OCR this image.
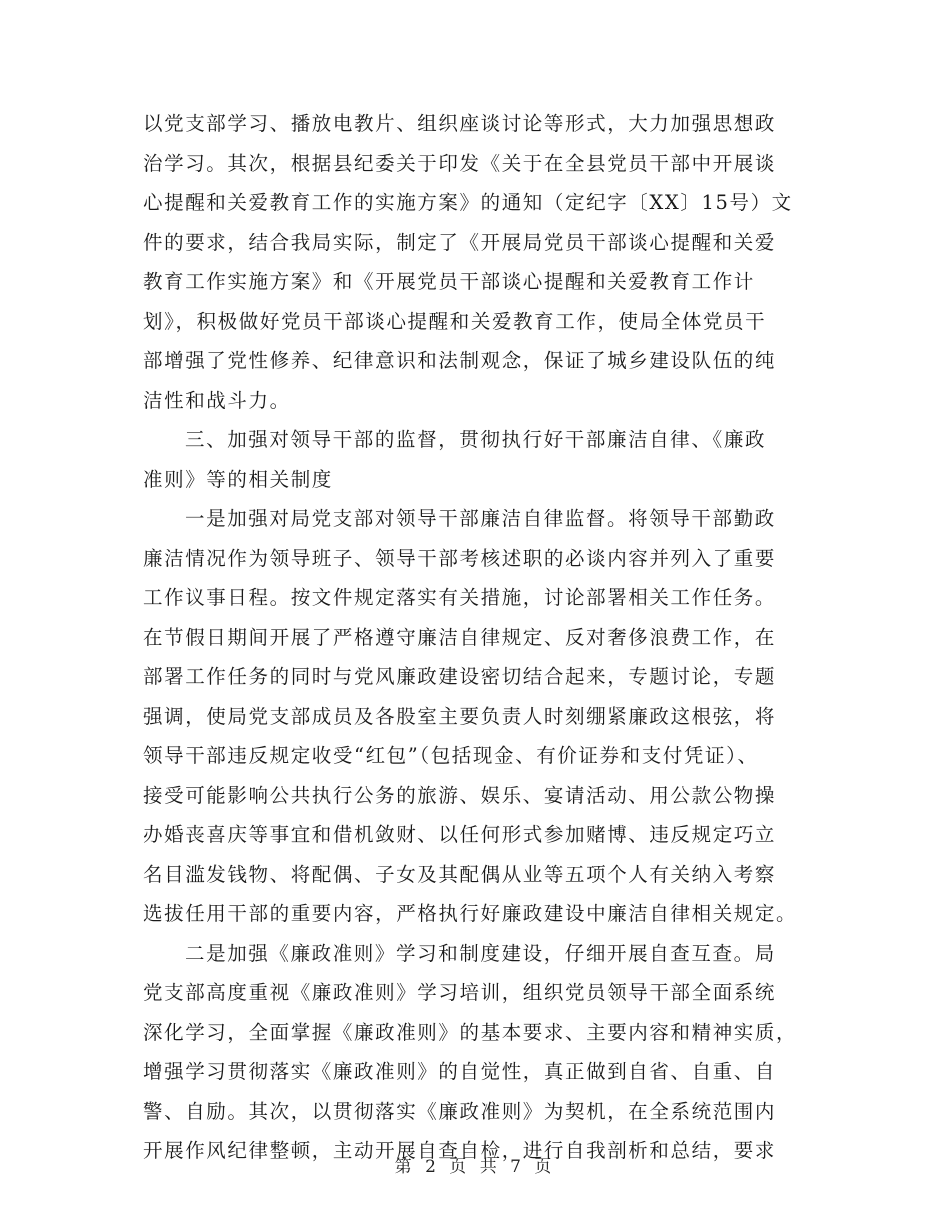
以党支部学习、播放电教片、组织座谈讨论等形式，大力加强思想政
治学习。其次，根据县纪委关于印发《关于在全县党员干部中开展谈
心提醒和关爱教育工作的实施方案》的通知（定纪字〔XX〕15号）文
件的要求，结合我局实际，制定了《开展局党员干部谈心提醒和关爱
教育工作实施方案》和《开展党员干部谈心提醒和关爱教育工作计
划》，积极做好党员干部谈心提醒和关爱教育工作，使局全体党员干
部增强了党性修养、纪律意识和法制观念，保证了城乡建设队伍的纯
洁性和战斗力。
三、加强对领导干部的监督，贯彻执行好干部廉洁自律、《廉政
准则》等的相关制度
一是加强对局党支部对领导干部廉洁自律监督。将领导干部勤政
廉洁情况作为领导班子、领导干部考核述职的必谈内容并列入了重要
工作议事日程。按文件规定落实有关措施，讨论部署相关工作任务。
在节假日期间开展了严格遵守廉洁自律规定、反对奢侈浪费工作，在
部署工作任务的同时与党风廉政建设密切结合起来，专题讨论，专题
强调，使局党支部成员及各股室主要负责人时刻绷紧廉政这根弦，将
领导干部违反规定收受“红包”（包括现金、有价证券和支付凭证）、
接受可能影响公共执行公务的旅游、娱乐、宴请活动、用公款公物操
办婚丧喜庆等事宜和借机敛财、以任何形式参加赌博、违反规定巧立
名目滥发钱物、将配偶、子女及其配偶从业等五项个人有关纳入考察
选拔任用干部的重要内容，严格执行好廉政建设中廉洁自律相关规定。
二是加强《廉政准则》学习和制度建设，仔细开展自查互查。局
党支部高度重视《廉政准则》学习培训，组织党员领导干部全面系统
深化学习，全面掌握《廉政准则》的基本要求、主要内容和精神实质，
增强学习贯彻落实《廉政准则》的自觉性，真正做到自省、自重、自
警、自励。其次，以贯彻落实《廉政准则》为契机，在全系统范围内
开展作风纪律整顿，主动开展自查自检，进行自我剖析和总结，要求
第 2 页 共 7 页
